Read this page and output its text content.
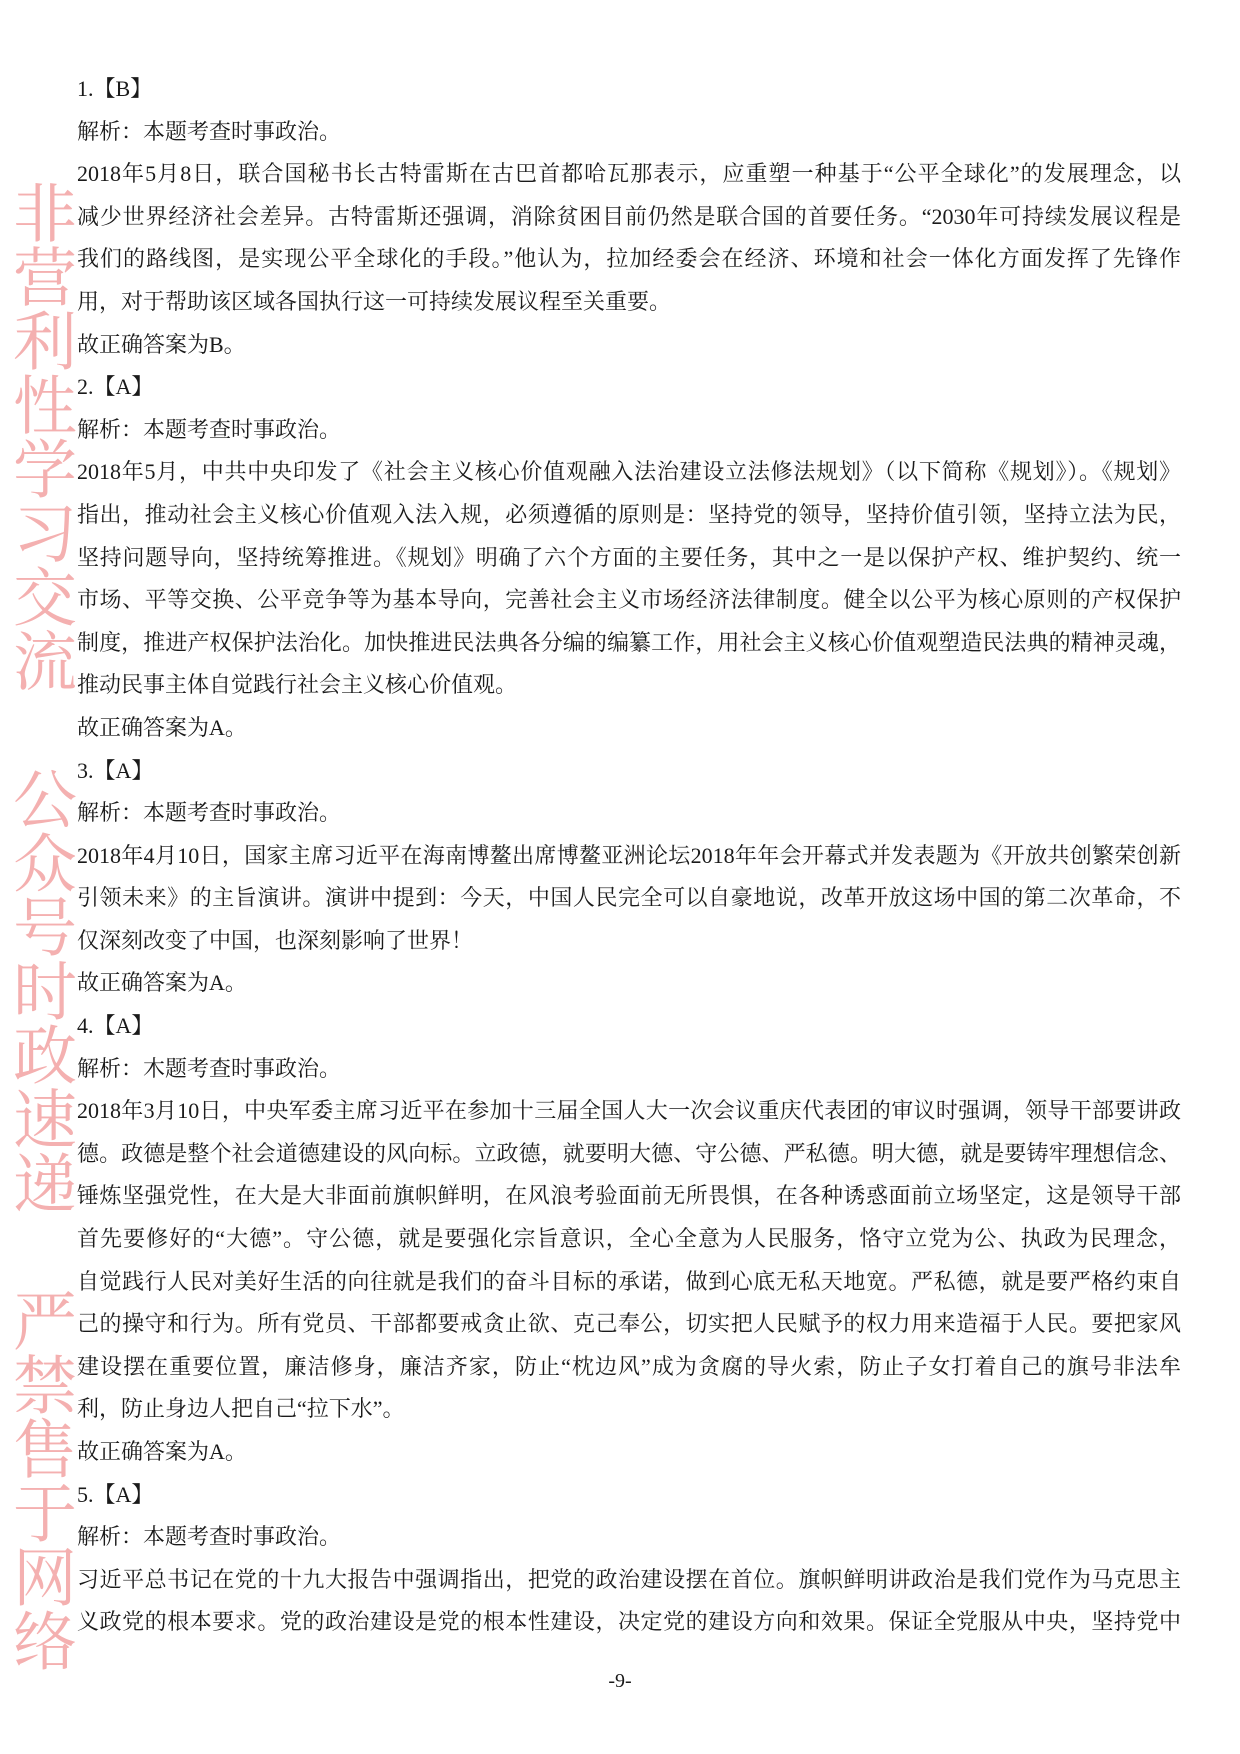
非营利性学习交流 公众号时政速递 严禁售于网络
1.【B】
解析：本题考查时事政治。
2018年5月8日，联合国秘书长古特雷斯在古巴首都哈瓦那表示，应重塑一种基于“公平全球化”的发展理念，以
减少世界经济社会差异。古特雷斯还强调，消除贫困目前仍然是联合国的首要任务。“2030年可持续发展议程是
我们的路线图，是实现公平全球化的手段。”他认为，拉加经委会在经济、环境和社会一体化方面发挥了先锋作
用，对于帮助该区域各国执行这一可持续发展议程至关重要。
故正确答案为B。
2.【A】
解析：本题考查时事政治。
2018年5月，中共中央印发了《社会主义核心价值观融入法治建设立法修法规划》（以下简称《规划》）。《规划》
指出，推动社会主义核心价值观入法入规，必须遵循的原则是：坚持党的领导，坚持价值引领，坚持立法为民，
坚持问题导向，坚持统筹推进。《规划》明确了六个方面的主要任务，其中之一是以保护产权、维护契约、统一
市场、平等交换、公平竞争等为基本导向，完善社会主义市场经济法律制度。健全以公平为核心原则的产权保护
制度，推进产权保护法治化。加快推进民法典各分编的编纂工作，用社会主义核心价值观塑造民法典的精神灵魂，
推动民事主体自觉践行社会主义核心价值观。
故正确答案为A。
3.【A】
解析：本题考查时事政治。
2018年4月10日，国家主席习近平在海南博鳌出席博鳌亚洲论坛2018年年会开幕式并发表题为《开放共创繁荣创新
引领未来》的主旨演讲。演讲中提到：今天，中国人民完全可以自豪地说，改革开放这场中国的第二次革命，不
仅深刻改变了中国，也深刻影响了世界！
故正确答案为A。
4.【A】
解析：木题考查时事政治。
2018年3月10日，中央军委主席习近平在参加十三届全国人大一次会议重庆代表团的审议时强调，领导干部要讲政
德。政德是整个社会道德建设的风向标。立政德，就要明大德、守公德、严私德。明大德，就是要铸牢理想信念、
锤炼坚强党性，在大是大非面前旗帜鲜明，在风浪考验面前无所畏惧，在各种诱惑面前立场坚定，这是领导干部
首先要修好的“大德”。守公德，就是要强化宗旨意识，全心全意为人民服务，恪守立党为公、执政为民理念，
自觉践行人民对美好生活的向往就是我们的奋斗目标的承诺，做到心底无私天地宽。严私德，就是要严格约束自
己的操守和行为。所有党员、干部都要戒贪止欲、克己奉公，切实把人民赋予的权力用来造福于人民。要把家风
建设摆在重要位置，廉洁修身，廉洁齐家，防止“枕边风”成为贪腐的导火索，防止子女打着自己的旗号非法牟
利，防止身边人把自己“拉下水”。
故正确答案为A。
5.【A】
解析：本题考查时事政治。
习近平总书记在党的十九大报告中强调指出，把党的政治建设摆在首位。旗帜鲜明讲政治是我们党作为马克思主
义政党的根本要求。党的政治建设是党的根本性建设，决定党的建设方向和效果。保证全党服从中央，坚持党中
-9-
